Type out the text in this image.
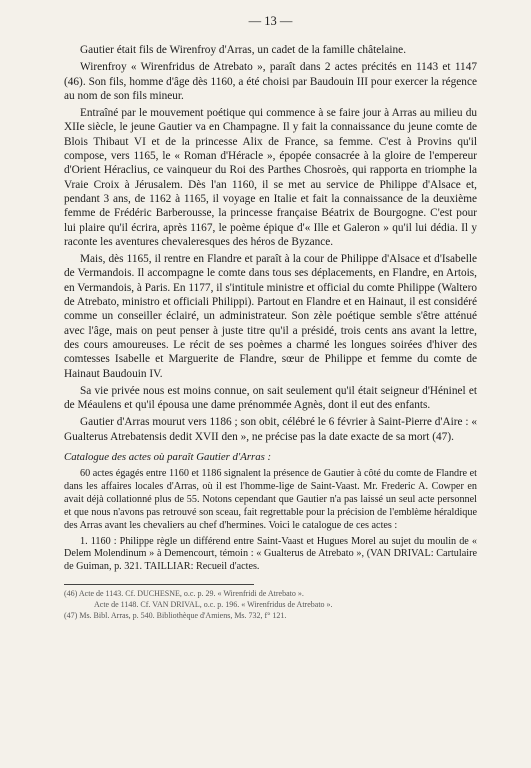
— 13 —

Gautier était fils de Wirenfroy d'Arras, un cadet de la famille châtelaine.

Wirenfroy « Wirenfridus de Atrebato », paraît dans 2 actes précités en 1143 et 1147 (46). Son fils, homme d'âge dès 1160, a été choisi par Baudouin III pour exercer la régence au nom de son fils mineur.

Entraîné par le mouvement poétique qui commence à se faire jour à Arras au milieu du XIIe siècle, le jeune Gautier va en Champagne. Il y fait la connaissance du jeune comte de Blois Thibaut VI et de la princesse Alix de France, sa femme. C'est à Provins qu'il compose, vers 1165, le « Roman d'Héracle », épopée consacrée à la gloire de l'empereur d'Orient Héraclius, ce vainqueur du Roi des Parthes Chosroès, qui rapporta en triomphe la Vraie Croix à Jérusalem. Dès l'an 1160, il se met au service de Philippe d'Alsace et, pendant 3 ans, de 1162 à 1165, il voyage en Italie et fait la connaissance de la deuxième femme de Frédéric Barberousse, la princesse française Béatrix de Bourgogne. C'est pour lui plaire qu'il écrira, après 1167, le poème épique d'« Ille et Galeron » qu'il lui dédia. Il y raconte les aventures chevaleresques des héros de Byzance.

Mais, dès 1165, il rentre en Flandre et paraît à la cour de Philippe d'Alsace et d'Isabelle de Vermandois. Il accompagne le comte dans tous ses déplacements, en Flandre, en Artois, en Vermandois, à Paris. En 1177, il s'intitule ministre et official du comte Philippe (Waltero de Atrebato, ministro et officiali Philippi). Partout en Flandre et en Hainaut, il est considéré comme un conseiller éclairé, un administrateur. Son zèle poétique semble s'être atténué avec l'âge, mais on peut penser à juste titre qu'il a présidé, trois cents ans avant la lettre, des cours amoureuses. Le récit de ses poèmes a charmé les longues soirées d'hiver des comtesses Isabelle et Marguerite de Flandre, sœur de Philippe et femme du comte de Hainaut Baudouin IV.

Sa vie privée nous est moins connue, on sait seulement qu'il était seigneur d'Héninel et de Méaulens et qu'il épousa une dame prénommée Agnès, dont il eut des enfants.

Gautier d'Arras mourut vers 1186 ; son obit, célébré le 6 février à Saint-Pierre d'Aire : « Gualterus Atrebatensis dedit XVII den », ne précise pas la date exacte de sa mort (47).

Catalogue des actes où paraît Gautier d'Arras :

60 actes égagés entre 1160 et 1186 signalent la présence de Gautier à côté du comte de Flandre et dans les affaires locales d'Arras, où il est l'homme-lige de Saint-Vaast. Mr. Frederic A. Cowper en avait déjà collationné plus de 55. Notons cependant que Gautier n'a pas laissé un seul acte personnel et que nous n'avons pas retrouvé son sceau, fait regrettable pour la précision de l'emblème héraldique des Arras avant les chevaliers au chef d'hermines. Voici le catalogue de ces actes :

1. 1160 : Philippe règle un différend entre Saint-Vaast et Hugues Morel au sujet du moulin de « Delem Molendinum » à Demencourt, témoin : « Gualterus de Atrebato », (VAN DRIVAL: Cartulaire de Guiman, p. 321. TAILLIAR: Recueil d'actes.

(46) Acte de 1143. Cf. DUCHESNE, o.c. p. 29. « Wirenfridi de Atrebato ».

Acte de 1148. Cf. VAN DRIVAL, o.c. p. 196. « Wirenfridus de Atrebato ».

(47) Ms. Bibl. Arras, p. 540. Bibliothèque d'Amiens, Ms. 732, f° 121.
